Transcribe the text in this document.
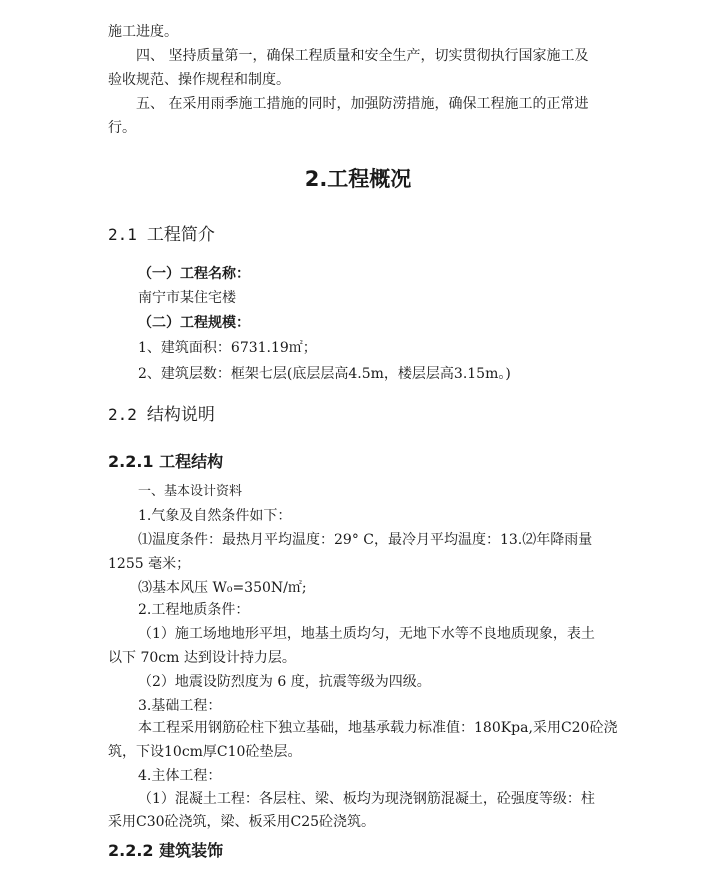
施工进度。
四、 坚持质量第一，确保工程质量和安全生产，切实贯彻执行国家施工及
验收规范、操作规程和制度。
五、 在采用雨季施工措施的同时，加强防涝措施，确保工程施工的正常进
行。
2.工程概况
2.1 工程简介
（一）工程名称：
南宁市某住宅楼
（二）工程规模：
1、建筑面积：6731.19㎡；
2、建筑层数：框架七层(底层层高4.5m，楼层层高3.15m。)
2.2 结构说明
2.2.1 工程结构
一、基本设计资料
1.气象及自然条件如下：
⑴温度条件：最热月平均温度：29° C，最冷月平均温度：13.⑵年降雨量
1255 毫米；
⑶基本风压 W₀=350N/㎡;
2.工程地质条件：
（1）施工场地地形平坦，地基土质均匀，无地下水等不良地质现象，表土
以下 70cm 达到设计持力层。
（2）地震设防烈度为 6 度，抗震等级为四级。
3.基础工程：
本工程采用钢筋砼柱下独立基础，地基承载力标准值：180Kpa,采用C20砼浇
筑，下设10cm厚C10砼垫层。
4.主体工程：
（1）混凝土工程：各层柱、梁、板均为现浇钢筋混凝土，砼强度等级：柱
采用C30砼浇筑，梁、板采用C25砼浇筑。
2.2.2 建筑装饰
